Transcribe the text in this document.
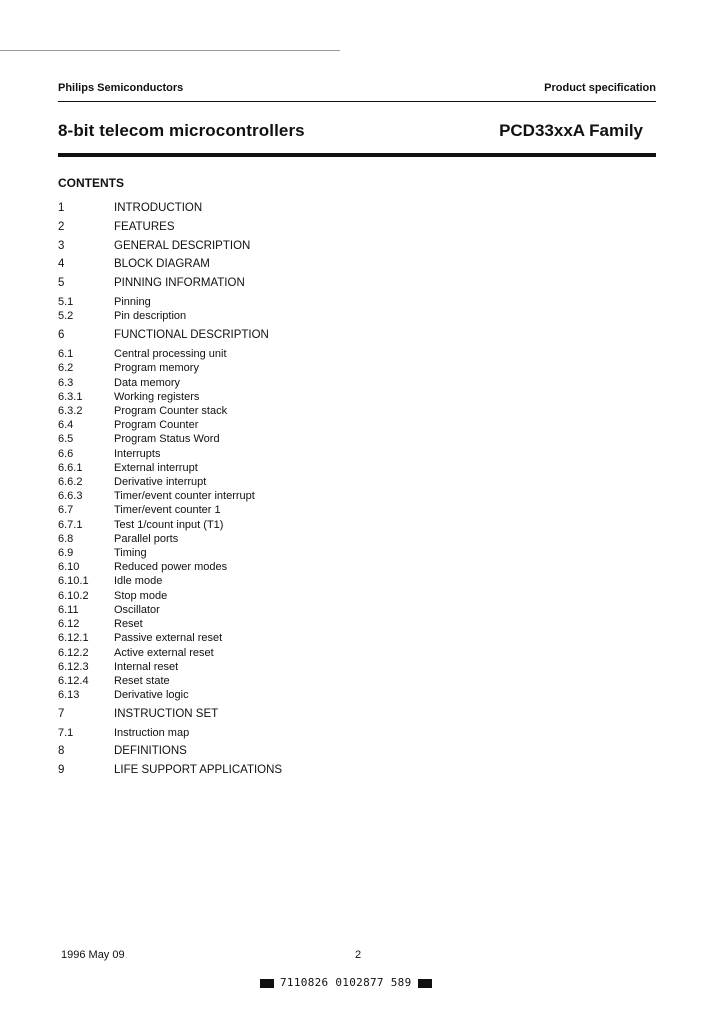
Philips Semiconductors	Product specification
8-bit telecom microcontrollers	PCD33xxA Family
CONTENTS
1	INTRODUCTION
2	FEATURES
3	GENERAL DESCRIPTION
4	BLOCK DIAGRAM
5	PINNING INFORMATION
5.1	Pinning
5.2	Pin description
6	FUNCTIONAL DESCRIPTION
6.1	Central processing unit
6.2	Program memory
6.3	Data memory
6.3.1	Working registers
6.3.2	Program Counter stack
6.4	Program Counter
6.5	Program Status Word
6.6	Interrupts
6.6.1	External interrupt
6.6.2	Derivative interrupt
6.6.3	Timer/event counter interrupt
6.7	Timer/event counter 1
6.7.1	Test 1/count input (T1)
6.8	Parallel ports
6.9	Timing
6.10	Reduced power modes
6.10.1 Idle mode
6.10.2 Stop mode
6.11	Oscillator
6.12	Reset
6.12.1 Passive external reset
6.12.2 Active external reset
6.12.3 Internal reset
6.12.4 Reset state
6.13	Derivative logic
7	INSTRUCTION SET
7.1	Instruction map
8	DEFINITIONS
9	LIFE SUPPORT APPLICATIONS
1996 May 09	2
7110826 0102877 589
